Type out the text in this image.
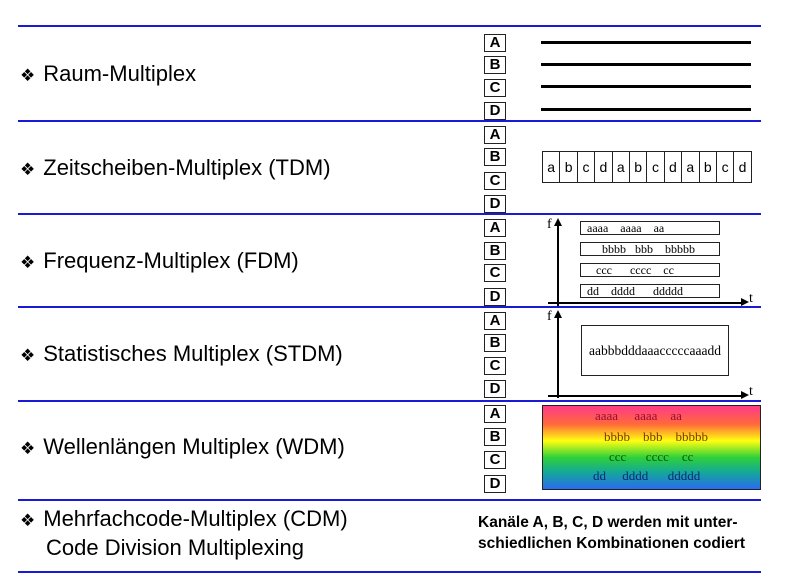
❖ Raum-Multiplex
❖ Zeitscheiben-Multiplex (TDM)
❖ Frequenz-Multiplex (FDM)
❖ Statistisches Multiplex (STDM)
❖ Wellenlängen Multiplex (WDM)
❖ Mehrfachcode-Multiplex (CDM)
Code Division Multiplexing
A
B
C
D
A
B
C
D
A
B
C
D
A
B
C
D
A
B
C
D
a b c d a b c d a b c d
f
t
aaaa    aaaa    aa
bbbb   bbb    bbbbb
ccc      cccc    cc
dd    dddd      ddddd
f
t
aabbbdddaaacccccaaadd
aaaa     aaaa    aa
bbbb    bbb    bbbbb
ccc      cccc    cc
dd     dddd      ddddd
Kanäle A, B, C, D werden mit unter-
schiedlichen Kombinationen codiert
